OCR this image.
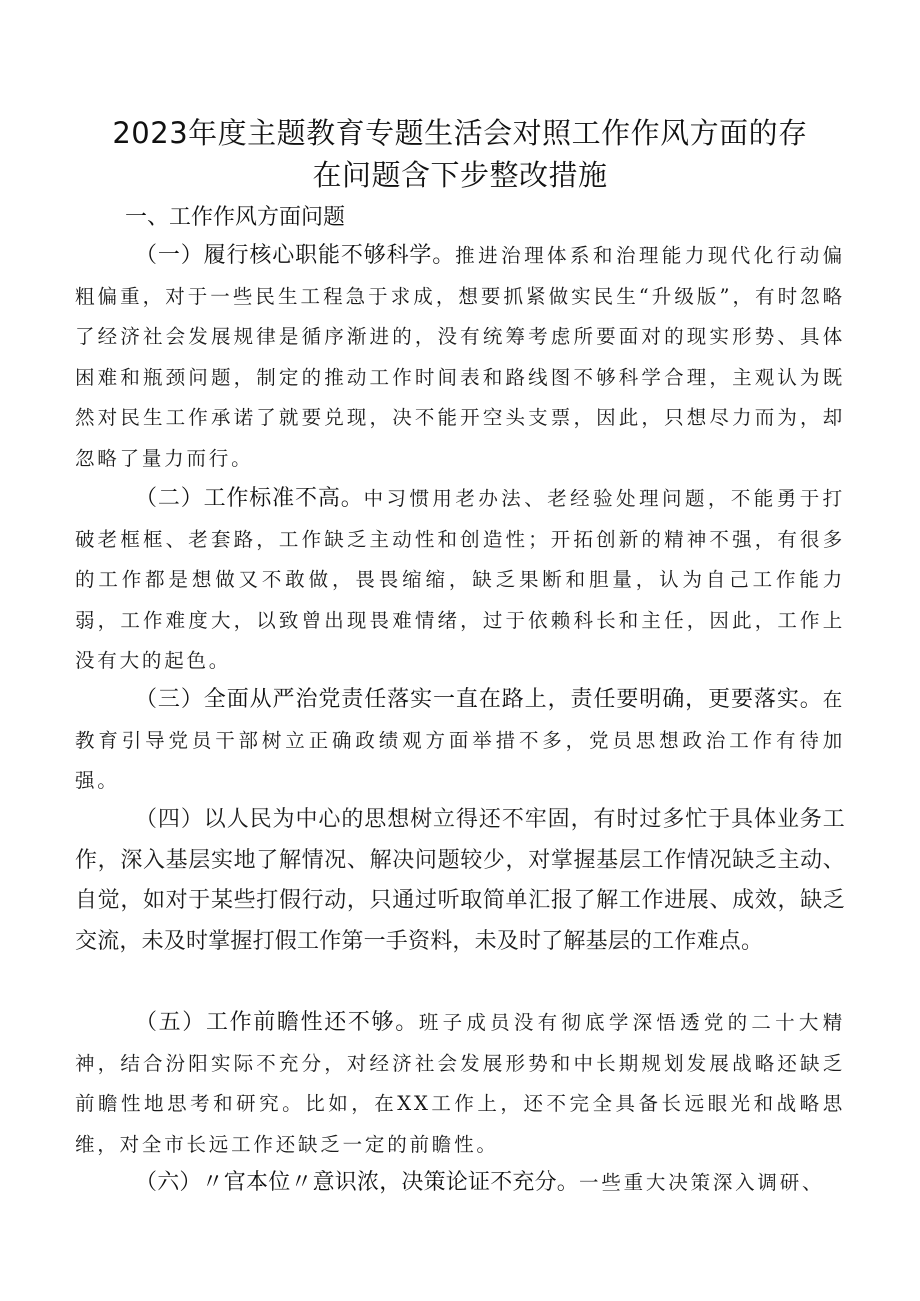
2023年度主题教育专题生活会对照工作作风方面的存
在问题含下步整改措施
一、工作作风方面问题
（一）履行核心职能不够科学。推进治理体系和治理能力现代化行动偏粗偏重，对于一些民生工程急于求成，想要抓紧做实民生“升级版”，有时忽略了经济社会发展规律是循序渐进的，没有统筹考虑所要面对的现实形势、具体困难和瓶颈问题，制定的推动工作时间表和路线图不够科学合理，主观认为既然对民生工作承诺了就要兑现，决不能开空头支票，因此，只想尽力而为，却忽略了量力而行。
（二）工作标准不高。中习惯用老办法、老经验处理问题，不能勇于打破老框框、老套路，工作缺乏主动性和创造性；开拓创新的精神不强，有很多的工作都是想做又不敢做，畏畏缩缩，缺乏果断和胆量，认为自己工作能力弱，工作难度大，以致曾出现畏难情绪，过于依赖科长和主任，因此，工作上没有大的起色。
（三）全面从严治党责任落实一直在路上，责任要明确，更要落实。在教育引导党员干部树立正确政绩观方面举措不多，党员思想政治工作有待加强。
（四）以人民为中心的思想树立得还不牢固，有时过多忙于具体业务工作，深入基层实地了解情况、解决问题较少，对掌握基层工作情况缺乏主动、自觉，如对于某些打假行动，只通过听取简单汇报了解工作进展、成效，缺乏交流，未及时掌握打假工作第一手资料，未及时了解基层的工作难点。
（五）工作前瞻性还不够。班子成员没有彻底学深悟透党的二十大精神，结合汾阳实际不充分，对经济社会发展形势和中长期规划发展战略还缺乏前瞻性地思考和研究。比如，在XX工作上，还不完全具备长远眼光和战略思维，对全市长远工作还缺乏一定的前瞻性。
（六）〃官本位〃意识浓，决策论证不充分。一些重大决策深入调研、
